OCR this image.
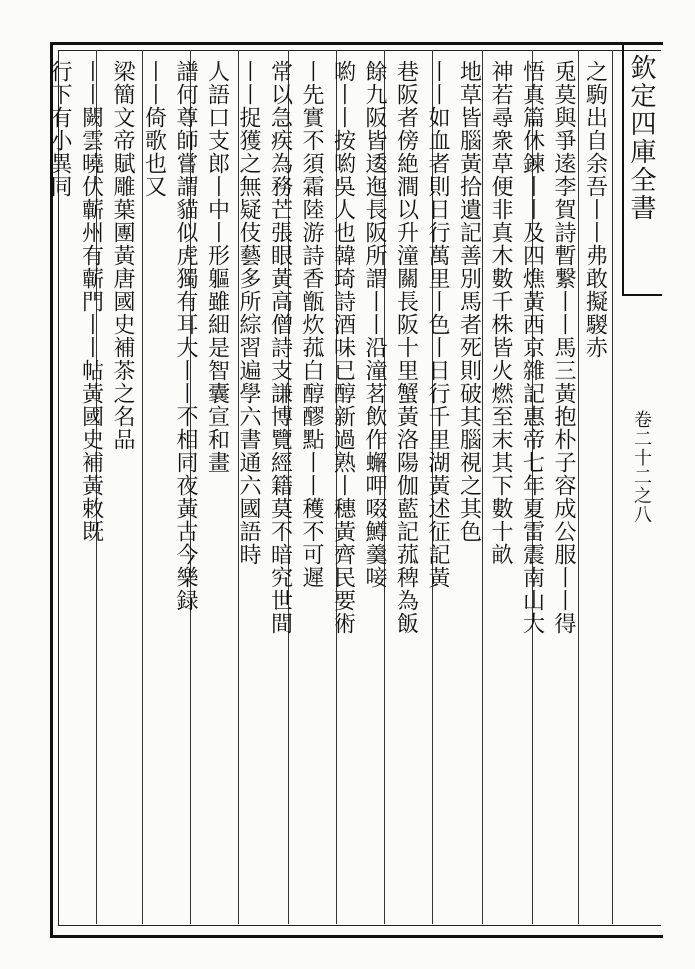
欽定四庫全書
卷二十二之八
之駒出自余吾丨丨弗敢擬騣赤
兎莫與爭逺李賀詩暫繋丨丨馬三黃抱朴子容成公服丨丨得
悟真篇休鍊丨丨及四燋黃西京雜記惠帝七年夏雷震南山大
神若尋衆草便非真木數千株皆火燃至末其下數十畝
地草皆腦黃拾遺記善別馬者死則破其腦視之其色
丨丨如血者則日行萬里丨色丨日行千里湖黃述征記黃
巷阪者傍絶澗以升潼關長阪十里蟹黃洛陽伽藍記菰稗為飯
餘九阪皆逶迤長阪所謂丨丨沿潼茗飲作蠏呷啜鱒羹唼
喲丨丨按喲吳人也韓琦詩酒味已醇新過熟丨穗黃齊民要術
丨先實不須霜陸游詩香甑炊菰白醇醪點丨丨穫不可遲
常以急疾為務芒張眼黃高僧詩支謙博覽經籍莫不暗究世間
丨丨捉獲之無疑伎藝多所綜習遍學六書通六國語時
人語口支郎丨中丨形軀雖細是智囊宣和畫
譜何尊師嘗謂貓似虎獨有耳大丨丨不相同夜黃古今樂録
丨丨倚歌也又
梁簡文帝賦雕葉團黃唐國史補茶之名品
丨丨闕雲曉伏蘄州有蘄門丨丨帖黃國史補黃敕既
行下有小異同
